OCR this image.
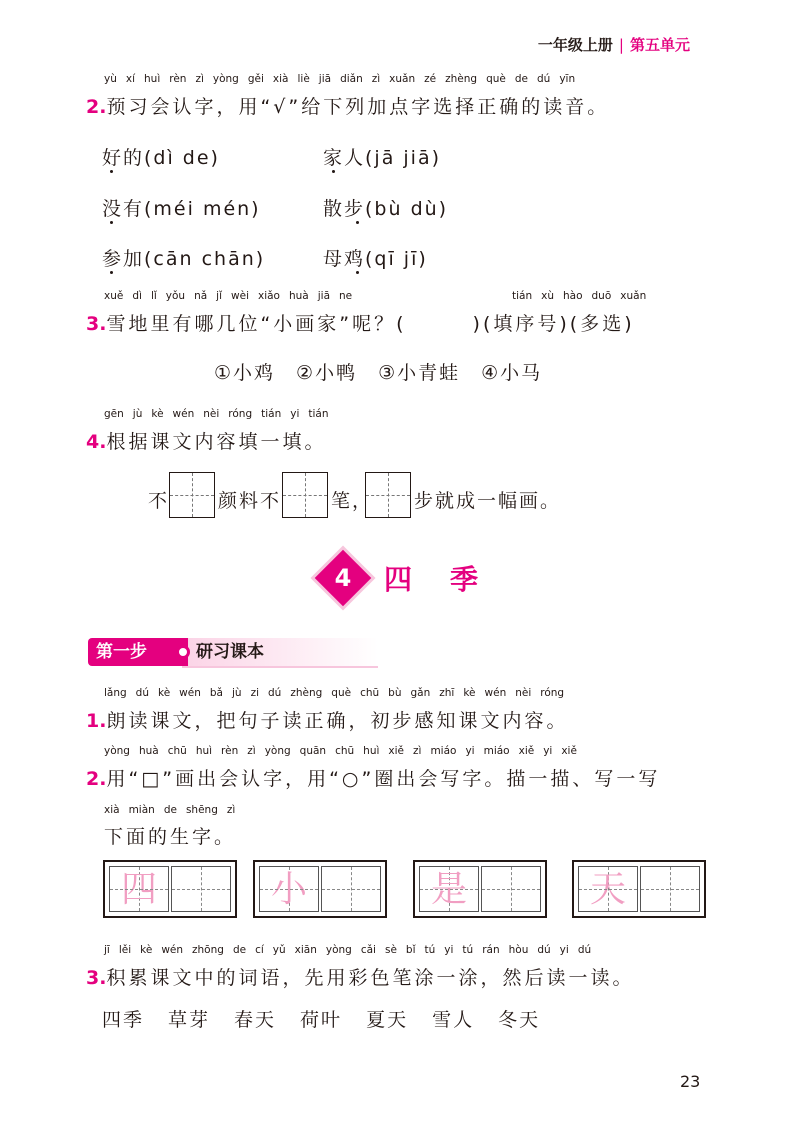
一年级上册 | 第五单元
yù xí huì rèn zì yòng gěi xià liè jiā diǎn zì xuǎn zé zhèng què de dú yīn
2.预习会认字，用“√”给下列加点字选择正确的读音。
好的(dì de)	家人(jā jiā)
没有(méi mén)	散步(bù dù)
参加(cān chān)	母鸡(qī jī)
xuě dì lǐ yǒu nǎ jǐ wèi xiǎo huà jiā ne	tián xù hào duō xuǎn
3.雪地里有哪几位“小画家”呢？(　　　)(填序号)(多选)
①小鸡　②小鸭　③小青蛙　④小马
gēn jù kè wén nèi róng tián yi tián
4.根据课文内容填一填。
不	颜料不	笔， 步就成一幅画。
4	四季
第一步	研习课本
lǎng dú kè wén bǎ jù zi dú zhèng què chū bù gǎn zhī kè wén nèi róng
1.朗读课文，把句子读正确，初步感知课文内容。
yòng huà chū huì rèn zì yòng quān chū huì xiě zì miáo yi miáo xiě yi xiě
2.用“□”画出会认字，用“○”圈出会写字。描一描、写一写
xià miàn de shēng zì
下面的生字。
四	小	是	天
jī lěi kè wén zhōng de cí yǔ xiān yòng cǎi sè bǐ tú yi tú rán hòu dú yi dú
3.积累课文中的词语，先用彩色笔涂一涂，然后读一读。
四季 草芽 春天 荷叶 夏天 雪人 冬天
23
